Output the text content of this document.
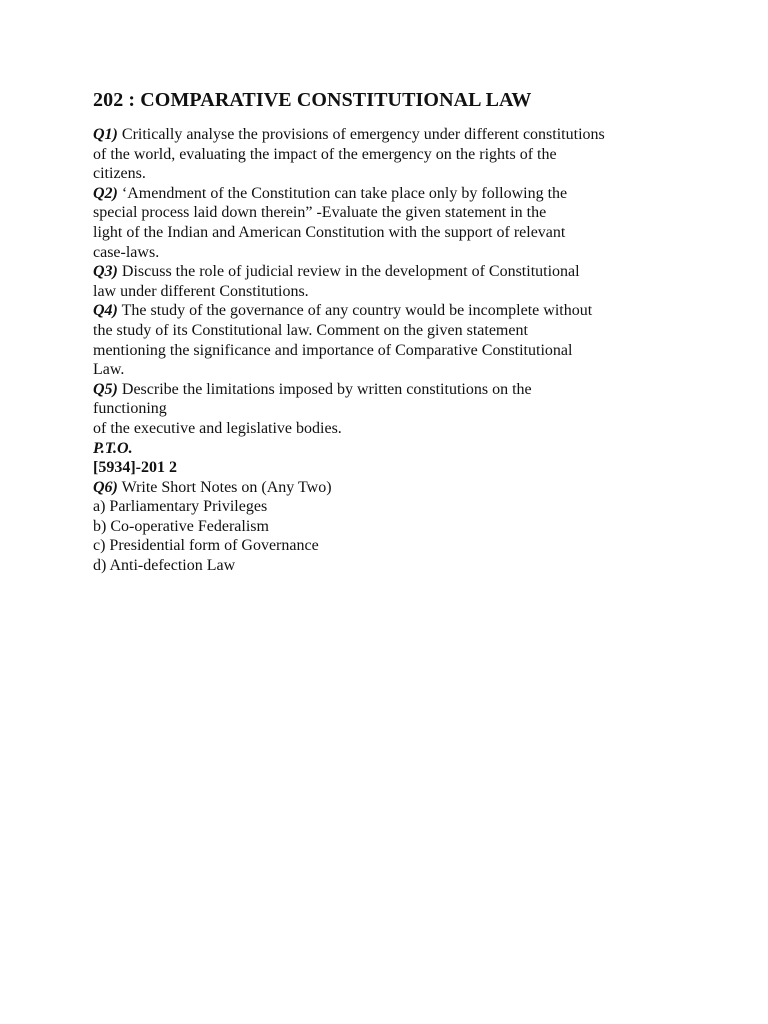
202 : COMPARATIVE CONSTITUTIONAL LAW
Q1) Critically analyse the provisions of emergency under different constitutions
of the world, evaluating the impact of the emergency on the rights of the
citizens.
Q2) ‘Amendment of the Constitution can take place only by following the
special process laid down therein” -Evaluate the given statement in the
light of the Indian and American Constitution with the support of relevant
case-laws.
Q3) Discuss the role of judicial review in the development of Constitutional
law under different Constitutions.
Q4) The study of the governance of any country would be incomplete without
the study of its Constitutional law. Comment on the given statement
mentioning the significance and importance of Comparative Constitutional
Law.
Q5) Describe the limitations imposed by written constitutions on the
functioning
of the executive and legislative bodies.
P.T.O.
[5934]-201 2
Q6) Write Short Notes on (Any Two)
a) Parliamentary Privileges
b) Co-operative Federalism
c) Presidential form of Governance
d) Anti-defection Law
